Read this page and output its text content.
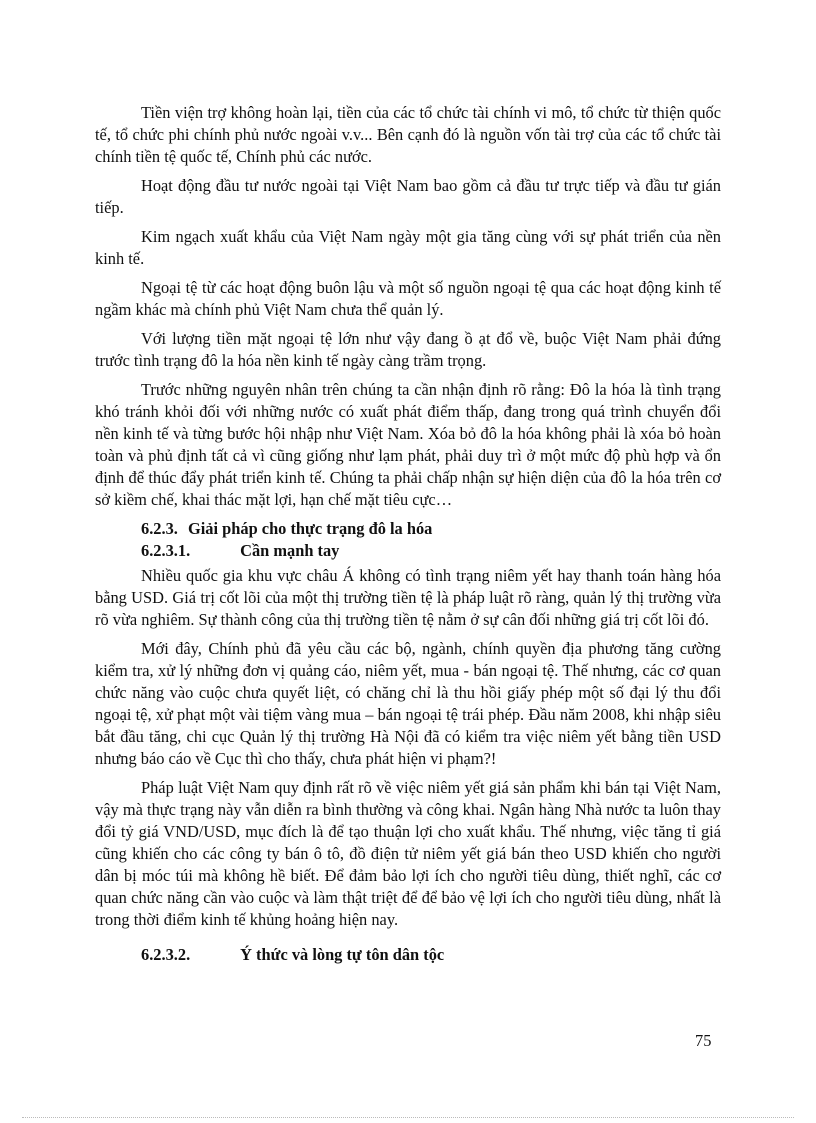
Tiền viện trợ không hoàn lại, tiền của các tổ chức tài chính vi mô, tổ chức từ thiện quốc tế, tổ chức phi chính phủ nước ngoài v.v... Bên cạnh đó là nguồn vốn tài trợ của các tổ chức tài chính tiền tệ quốc tế, Chính phủ các nước.

Hoạt động đầu tư nước ngoài tại Việt Nam bao gồm cả đầu tư trực tiếp và đầu tư gián tiếp.

Kim ngạch xuất khẩu của Việt Nam ngày một gia tăng cùng với sự phát triển của nền kinh tế.

Ngoại tệ từ các hoạt động buôn lậu và một số nguồn ngoại tệ qua các hoạt động kinh tế ngầm khác mà chính phủ Việt Nam chưa thể quản lý.

Với lượng tiền mặt ngoại tệ lớn như vậy đang ồ ạt đổ về, buộc Việt Nam phải đứng trước tình trạng đô la hóa nền kinh tế ngày càng trầm trọng.

Trước những nguyên nhân trên chúng ta cần nhận định rõ rằng: Đô la hóa là tình trạng khó tránh khỏi đối với những nước có xuất phát điểm thấp, đang trong quá trình chuyển đổi nền kinh tế và từng bước hội nhập như Việt Nam. Xóa bỏ đô la hóa không phải là xóa bỏ hoàn toàn và phủ định tất cả vì cũng giống như lạm phát, phải duy trì ở một mức độ phù hợp và ổn định để thúc đẩy phát triển kinh tế. Chúng ta phải chấp nhận sự hiện diện của đô la hóa trên cơ sở kiềm chế, khai thác mặt lợi, hạn chế mặt tiêu cực…

6.2.3. Giải pháp cho thực trạng đô la hóa
6.2.3.1.	Cần mạnh tay

Nhiều quốc gia khu vực châu Á không có tình trạng niêm yết hay thanh toán hàng hóa bằng USD. Giá trị cốt lõi của một thị trường tiền tệ là pháp luật rõ ràng, quản lý thị trường vừa rõ vừa nghiêm. Sự thành công của thị trường tiền tệ nằm ở sự cân đối những giá trị cốt lõi đó.

Mới đây, Chính phủ đã yêu cầu các bộ, ngành, chính quyền địa phương tăng cường kiểm tra, xử lý những đơn vị quảng cáo, niêm yết, mua - bán ngoại tệ. Thế nhưng, các cơ quan chức năng vào cuộc chưa quyết liệt, có chăng chỉ là thu hồi giấy phép một số đại lý thu đổi ngoại tệ, xử phạt một vài tiệm vàng mua – bán ngoại tệ trái phép. Đầu năm 2008, khi nhập siêu bắt đầu tăng, chi cục Quản lý thị trường Hà Nội đã có kiểm tra việc niêm yết bằng tiền USD nhưng báo cáo về Cục thì cho thấy, chưa phát hiện vi phạm?!

Pháp luật Việt Nam quy định rất rõ về việc niêm yết giá sản phẩm khi bán tại Việt Nam, vậy mà thực trạng này vẫn diễn ra bình thường và công khai. Ngân hàng Nhà nước ta luôn thay đổi tỷ giá VND/USD, mục đích là để tạo thuận lợi cho xuất khẩu. Thế nhưng, việc tăng tỉ giá cũng khiến cho các công ty bán ô tô, đồ điện tử niêm yết giá bán theo USD khiến cho người dân bị móc túi mà không hề biết. Để đảm bảo lợi ích cho người tiêu dùng, thiết nghĩ, các cơ quan chức năng cần vào cuộc và làm thật triệt để để bảo vệ lợi ích cho người tiêu dùng, nhất là trong thời điểm kinh tế khủng hoảng hiện nay.

6.2.3.2.	Ý thức và lòng tự tôn dân tộc
75
